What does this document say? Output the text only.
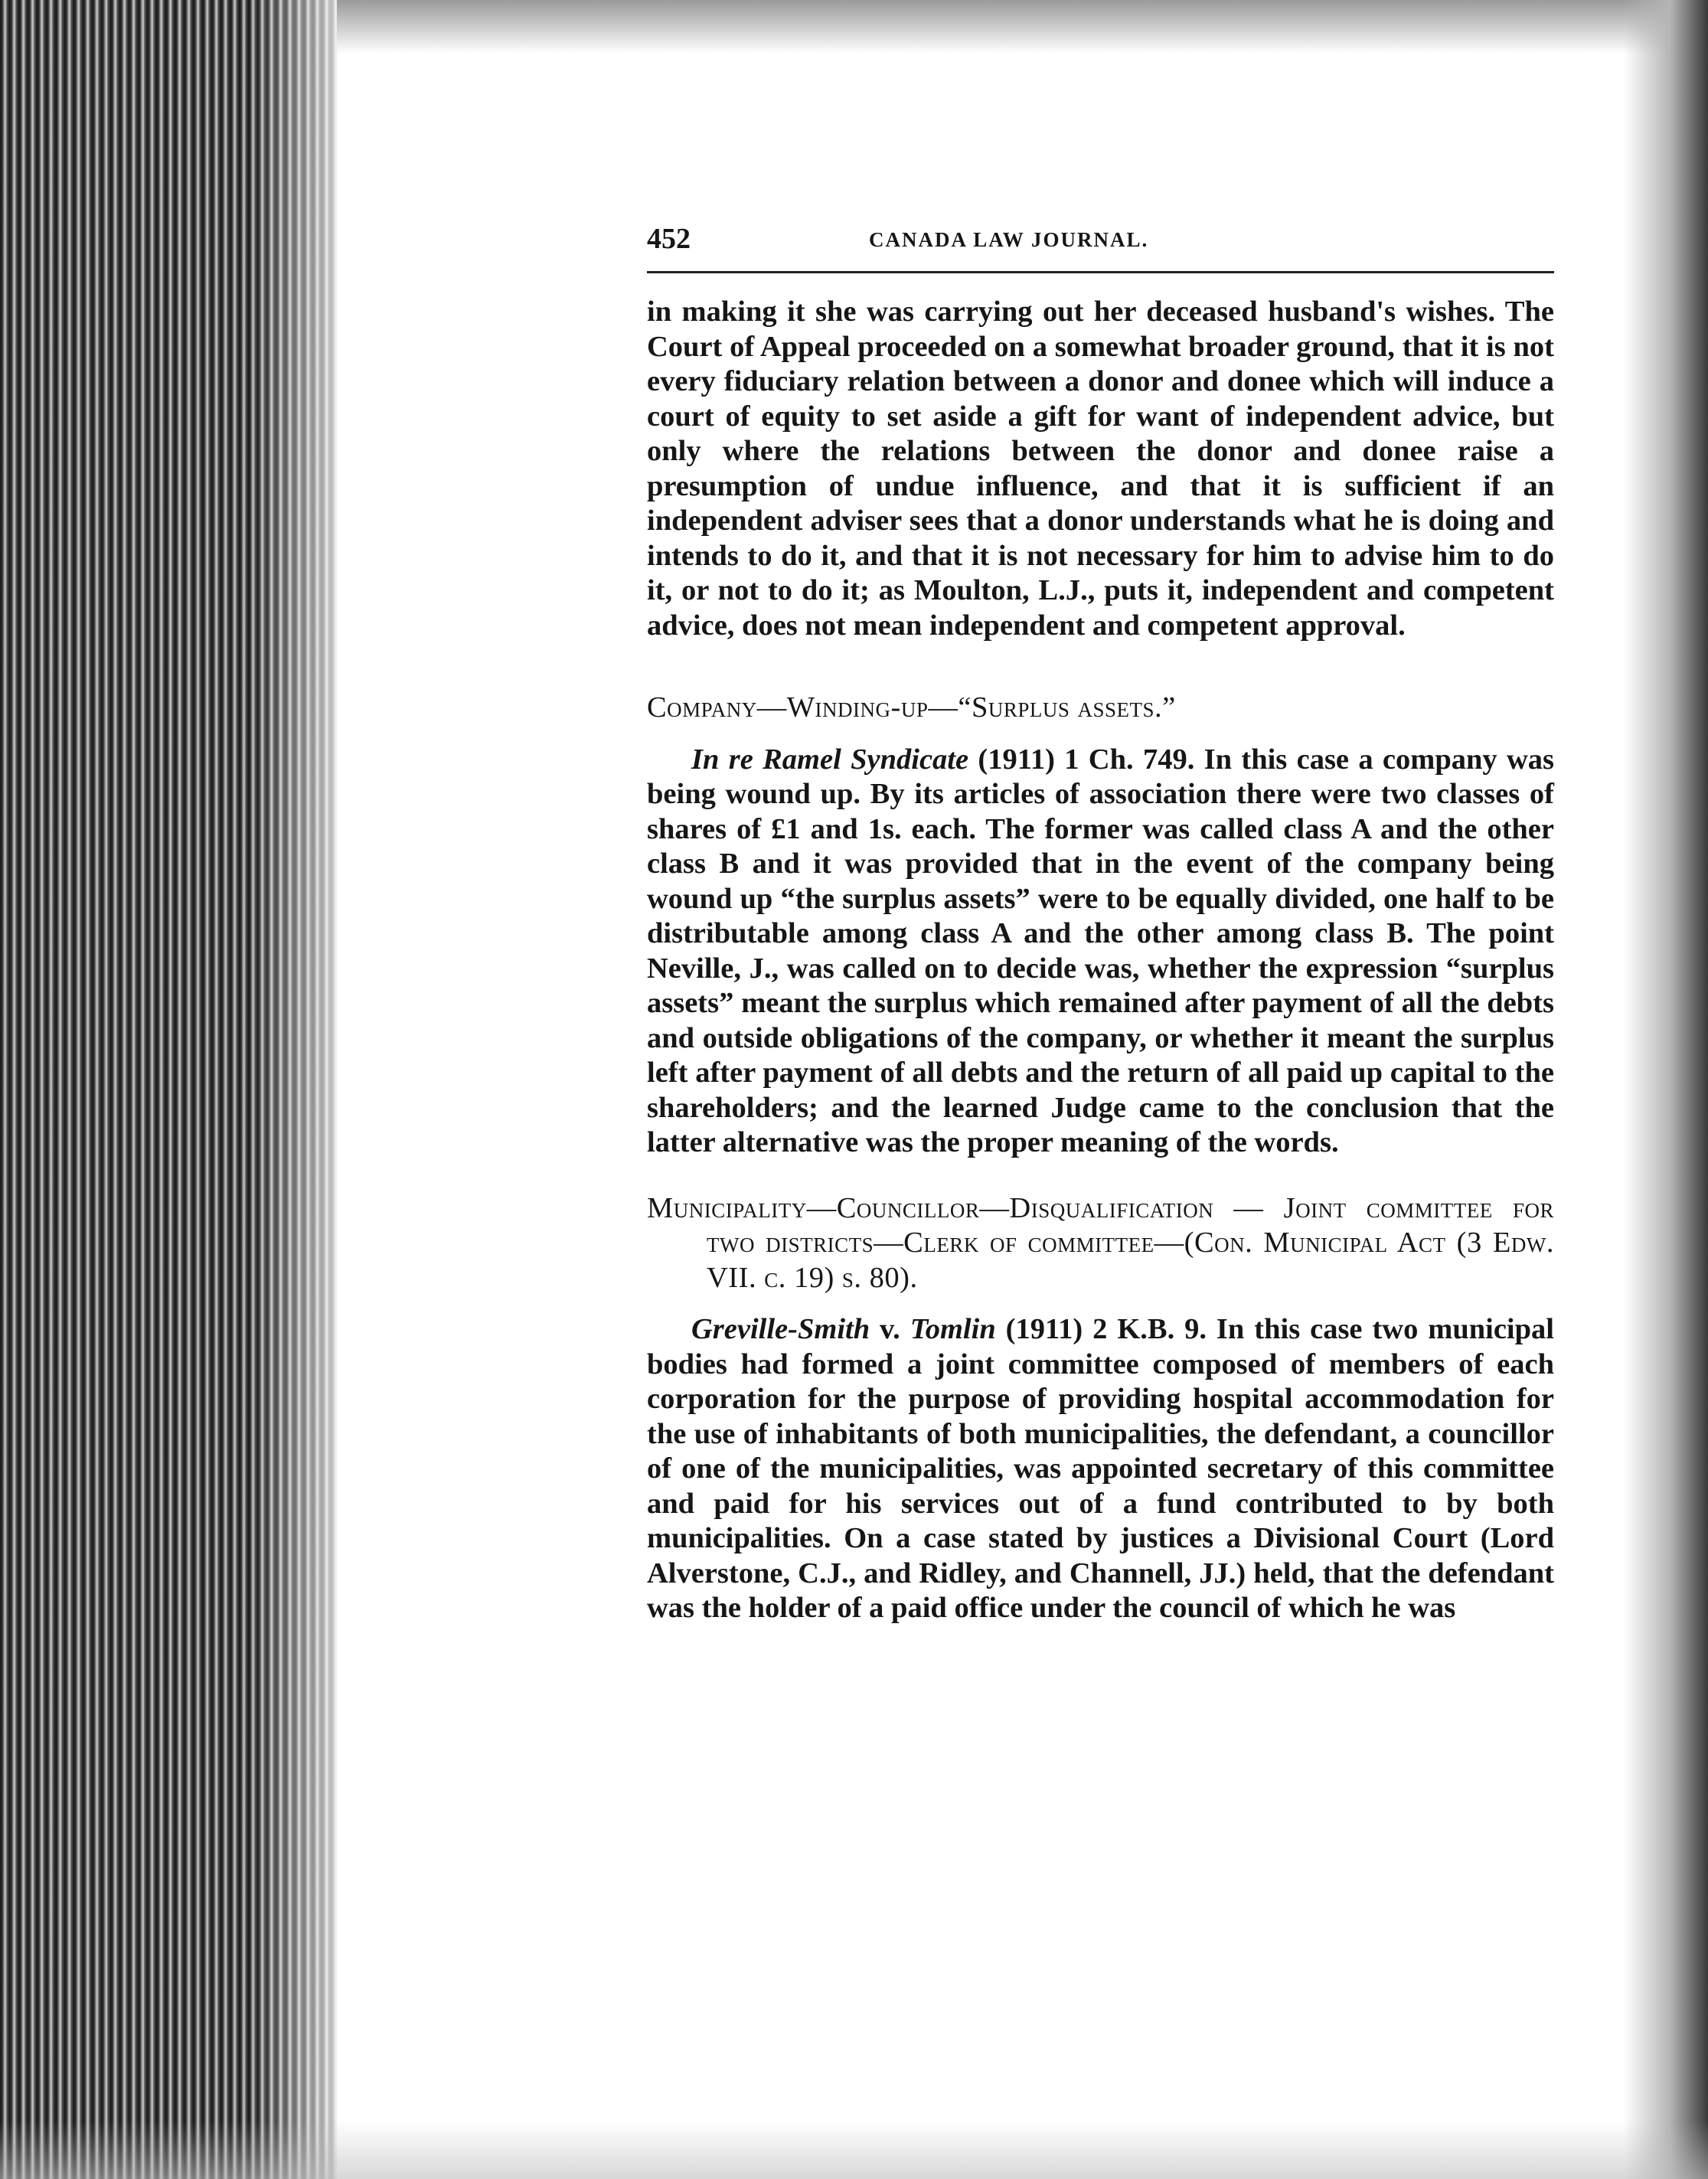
452	CANADA LAW JOURNAL.

in making it she was carrying out her deceased husband's wishes. The Court of Appeal proceeded on a somewhat broader ground, that it is not every fiduciary relation between a donor and donee which will induce a court of equity to set aside a gift for want of independent advice, but only where the relations between the donor and donee raise a presumption of undue influence, and that it is sufficient if an independent adviser sees that a donor understands what he is doing and intends to do it, and that it is not necessary for him to advise him to do it, or not to do it; as Moulton, L.J., puts it, independent and competent advice, does not mean independent and competent approval.

Company—Winding-up—“Surplus assets.”

In re Ramel Syndicate (1911) 1 Ch. 749. In this case a company was being wound up. By its articles of association there were two classes of shares of £1 and 1s. each. The former was called class A and the other class B and it was provided that in the event of the company being wound up “the surplus assets” were to be equally divided, one half to be distributable among class A and the other among class B. The point Neville, J., was called on to decide was, whether the expression “surplus assets” meant the surplus which remained after payment of all the debts and outside obligations of the company, or whether it meant the surplus left after payment of all debts and the return of all paid up capital to the shareholders; and the learned Judge came to the conclusion that the latter alternative was the proper meaning of the words.

Municipality—Councillor—Disqualification — Joint committee for two districts—Clerk of committee—(Con. Municipal Act (3 Edw. VII. c. 19) s. 80).

Greville-Smith v. Tomlin (1911) 2 K.B. 9. In this case two municipal bodies had formed a joint committee composed of members of each corporation for the purpose of providing hospital accommodation for the use of inhabitants of both municipalities, the defendant, a councillor of one of the municipalities, was appointed secretary of this committee and paid for his services out of a fund contributed to by both municipalities. On a case stated by justices a Divisional Court (Lord Alverstone, C.J., and Ridley, and Channell, JJ.) held, that the defendant was the holder of a paid office under the council of which he was
